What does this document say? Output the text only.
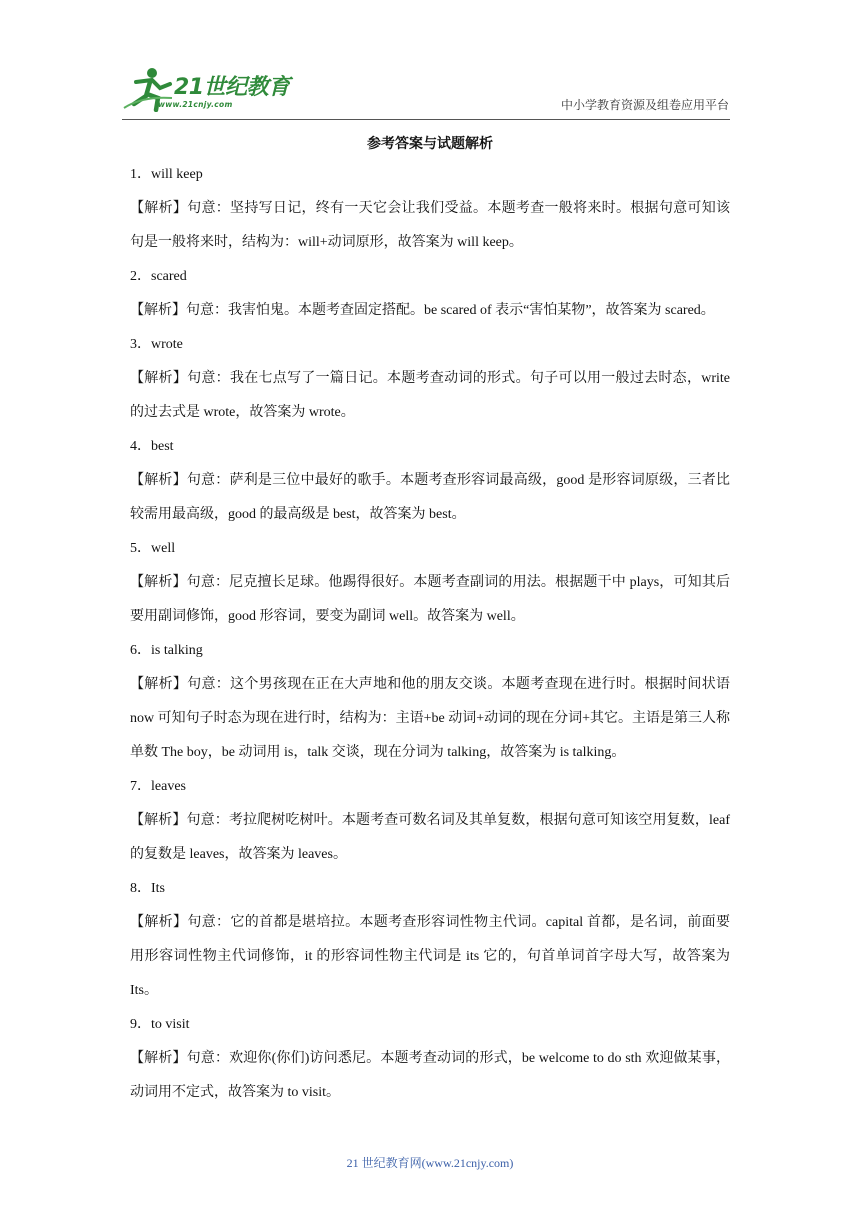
21世纪教育
www.21cnjy.com	中小学教育资源及组卷应用平台
参考答案与试题解析
1．will keep
【解析】句意：坚持写日记，终有一天它会让我们受益。本题考查一般将来时。根据句意可知该句是一般将来时，结构为：will+动词原形，故答案为 will keep。
2．scared
【解析】句意：我害怕鬼。本题考查固定搭配。be scared of 表示“害怕某物”，故答案为 scared。
3．wrote
【解析】句意：我在七点写了一篇日记。本题考查动词的形式。句子可以用一般过去时态，write 的过去式是 wrote，故答案为 wrote。
4．best
【解析】句意：萨利是三位中最好的歌手。本题考查形容词最高级，good 是形容词原级，三者比较需用最高级，good 的最高级是 best，故答案为 best。
5．well
【解析】句意：尼克擅长足球。他踢得很好。本题考查副词的用法。根据题干中 plays，可知其后要用副词修饰，good 形容词，要变为副词 well。故答案为 well。
6．is talking
【解析】句意：这个男孩现在正在大声地和他的朋友交谈。本题考查现在进行时。根据时间状语 now 可知句子时态为现在进行时，结构为：主语+be 动词+动词的现在分词+其它。主语是第三人称单数 The boy，be 动词用 is，talk 交谈，现在分词为 talking，故答案为 is talking。
7．leaves
【解析】句意：考拉爬树吃树叶。本题考查可数名词及其单复数，根据句意可知该空用复数，leaf 的复数是 leaves，故答案为 leaves。
8．Its
【解析】句意：它的首都是堪培拉。本题考查形容词性物主代词。capital 首都，是名词，前面要用形容词性物主代词修饰，it 的形容词性物主代词是 its 它的，句首单词首字母大写，故答案为 Its。
9．to visit
【解析】句意：欢迎你(你们)访问悉尼。本题考查动词的形式，be welcome to do sth 欢迎做某事，动词用不定式，故答案为 to visit。
21 世纪教育网(www.21cnjy.com)
